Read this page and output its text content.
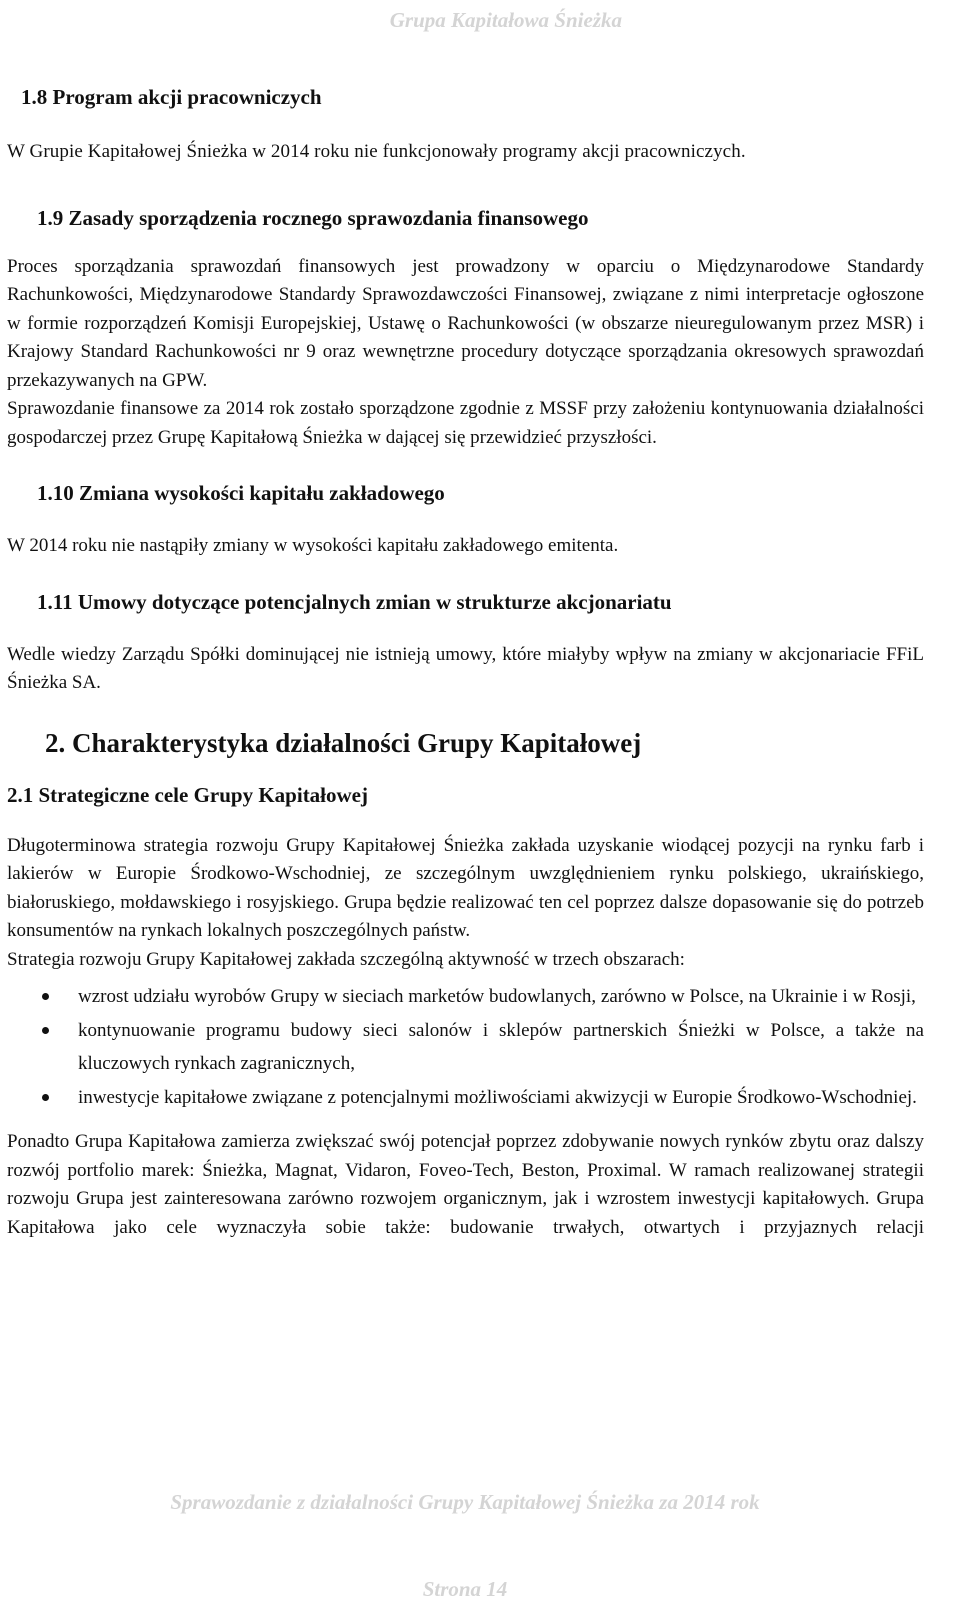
Grupa Kapitałowa Śnieżka
1.8 Program akcji pracowniczych

W Grupie Kapitałowej Śnieżka w 2014 roku nie funkcjonowały programy akcji pracowniczych.

1.9 Zasady sporządzenia rocznego sprawozdania finansowego

Proces sporządzania sprawozdań finansowych jest prowadzony w oparciu o Międzynarodowe Standardy Rachunkowości, Międzynarodowe Standardy Sprawozdawczości Finansowej, związane z nimi interpretacje ogłoszone w formie rozporządzeń Komisji Europejskiej, Ustawę o Rachunkowości (w obszarze nieuregulowanym przez MSR) i Krajowy Standard Rachunkowości nr 9 oraz wewnętrzne procedury dotyczące sporządzania okresowych sprawozdań przekazywanych na GPW.

Sprawozdanie finansowe za 2014 rok zostało sporządzone zgodnie z MSSF przy założeniu kontynuowania działalności gospodarczej przez Grupę Kapitałową Śnieżka w dającej się przewidzieć przyszłości.

1.10 Zmiana wysokości kapitału zakładowego

W 2014 roku nie nastąpiły zmiany w wysokości kapitału zakładowego emitenta.

1.11 Umowy dotyczące potencjalnych zmian w strukturze akcjonariatu

Wedle wiedzy Zarządu Spółki dominującej nie istnieją umowy, które miałyby wpływ na zmiany w akcjonariacie FFiL Śnieżka SA.

2. Charakterystyka działalności Grupy Kapitałowej
2.1 Strategiczne cele Grupy Kapitałowej

Długoterminowa strategia rozwoju Grupy Kapitałowej Śnieżka zakłada uzyskanie wiodącej pozycji na rynku farb i lakierów w Europie Środkowo-Wschodniej, ze szczególnym uwzględnieniem rynku polskiego, ukraińskiego, białoruskiego, mołdawskiego i rosyjskiego. Grupa będzie realizować ten cel poprzez dalsze dopasowanie się do potrzeb konsumentów na rynkach lokalnych poszczególnych państw.

Strategia rozwoju Grupy Kapitałowej zakłada szczególną aktywność w trzech obszarach:

wzrost udziału wyrobów Grupy w sieciach marketów budowlanych, zarówno w Polsce, na Ukrainie i w Rosji,
kontynuowanie programu budowy sieci salonów i sklepów partnerskich Śnieżki w Polsce, a także na kluczowych rynkach zagranicznych,
inwestycje kapitałowe związane z potencjalnymi możliwościami akwizycji w Europie Środkowo-Wschodniej.

Ponadto Grupa Kapitałowa zamierza zwiększać swój potencjał poprzez zdobywanie nowych rynków zbytu oraz dalszy rozwój portfolio marek: Śnieżka, Magnat, Vidaron, Foveo-Tech, Beston, Proximal. W ramach realizowanej strategii rozwoju Grupa jest zainteresowana zarówno rozwojem organicznym, jak i wzrostem inwestycji kapitałowych. Grupa Kapitałowa jako cele wyznaczyła sobie także: budowanie trwałych, otwartych i przyjaznych relacji

Sprawozdanie z działalności Grupy Kapitałowej Śnieżka za 2014 rok
Strona 14
